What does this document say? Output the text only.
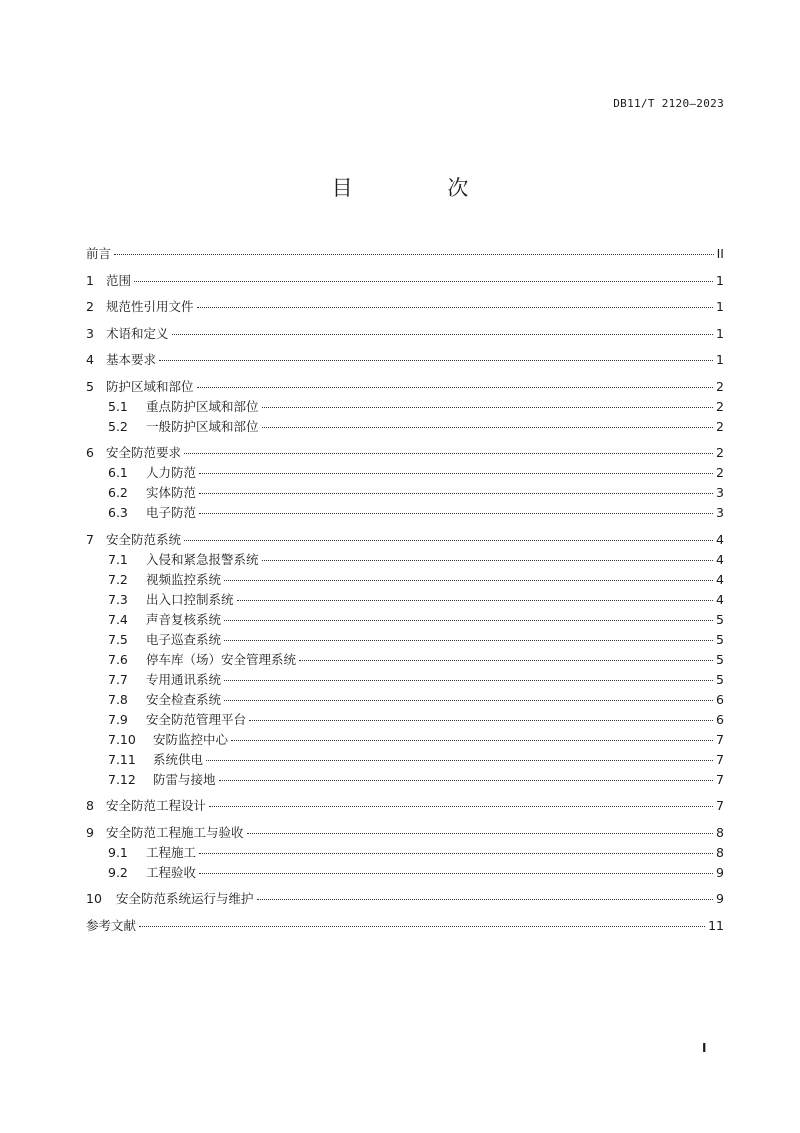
DB11/T 2120—2023
目 次
前言	II
1 范围	1
2 规范性引用文件	1
3 术语和定义	1
4 基本要求	1
5 防护区域和部位	2
5.1	重点防护区域和部位	2
5.2	一般防护区域和部位	2
6 安全防范要求	2
6.1	人力防范	2
6.2	实体防范	3
6.3	电子防范	3
7 安全防范系统	4
7.1	入侵和紧急报警系统	4
7.2	视频监控系统	4
7.3	出入口控制系统	4
7.4	声音复核系统	5
7.5	电子巡查系统	5
7.6	停车库（场）安全管理系统	5
7.7	专用通讯系统	5
7.8	安全检查系统	6
7.9	安全防范管理平台	6
7.10	安防监控中心	7
7.11	系统供电	7
7.12	防雷与接地	7
8 安全防范工程设计	7
9 安全防范工程施工与验收	8
9.1	工程施工	8
9.2	工程验收	9
10	安全防范系统运行与维护	9
参考文献	11
I
